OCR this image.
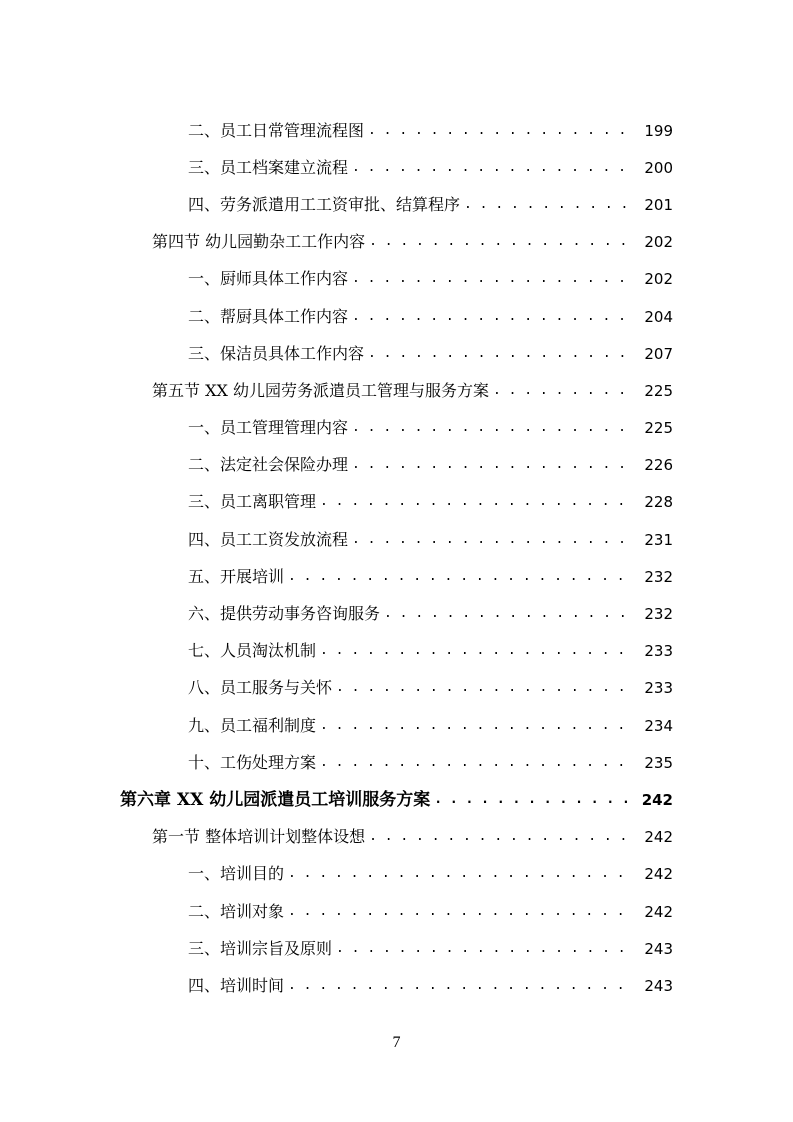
二、员工日常管理流程图 . . .	199
三、员工档案建立流程 . . .	200
四、劳务派遣用工工资审批、结算程序 . . .	201
第四节 幼儿园勤杂工工作内容 . . .	202
一、厨师具体工作内容 . . .	202
二、帮厨具体工作内容 . . .	204
三、保洁员具体工作内容 . . .	207
第五节 XX 幼儿园劳务派遣员工管理与服务方案 . . .	225
一、员工管理管理内容 . . .	225
二、法定社会保险办理 . . .	226
三、员工离职管理 . . .	228
四、员工工资发放流程 . . .	231
五、开展培训 . . .	232
六、提供劳动事务咨询服务 . . .	232
七、人员淘汰机制 . . .	233
八、员工服务与关怀 . . .	233
九、员工福利制度 . . .	234
十、工伤处理方案 . . .	235
第六章 XX 幼儿园派遣员工培训服务方案 . . .	242
第一节 整体培训计划整体设想 . . .	242
一、培训目的 . . .	242
二、培训对象 . . .	242
三、培训宗旨及原则 . . .	243
四、培训时间 . . .	243
7
